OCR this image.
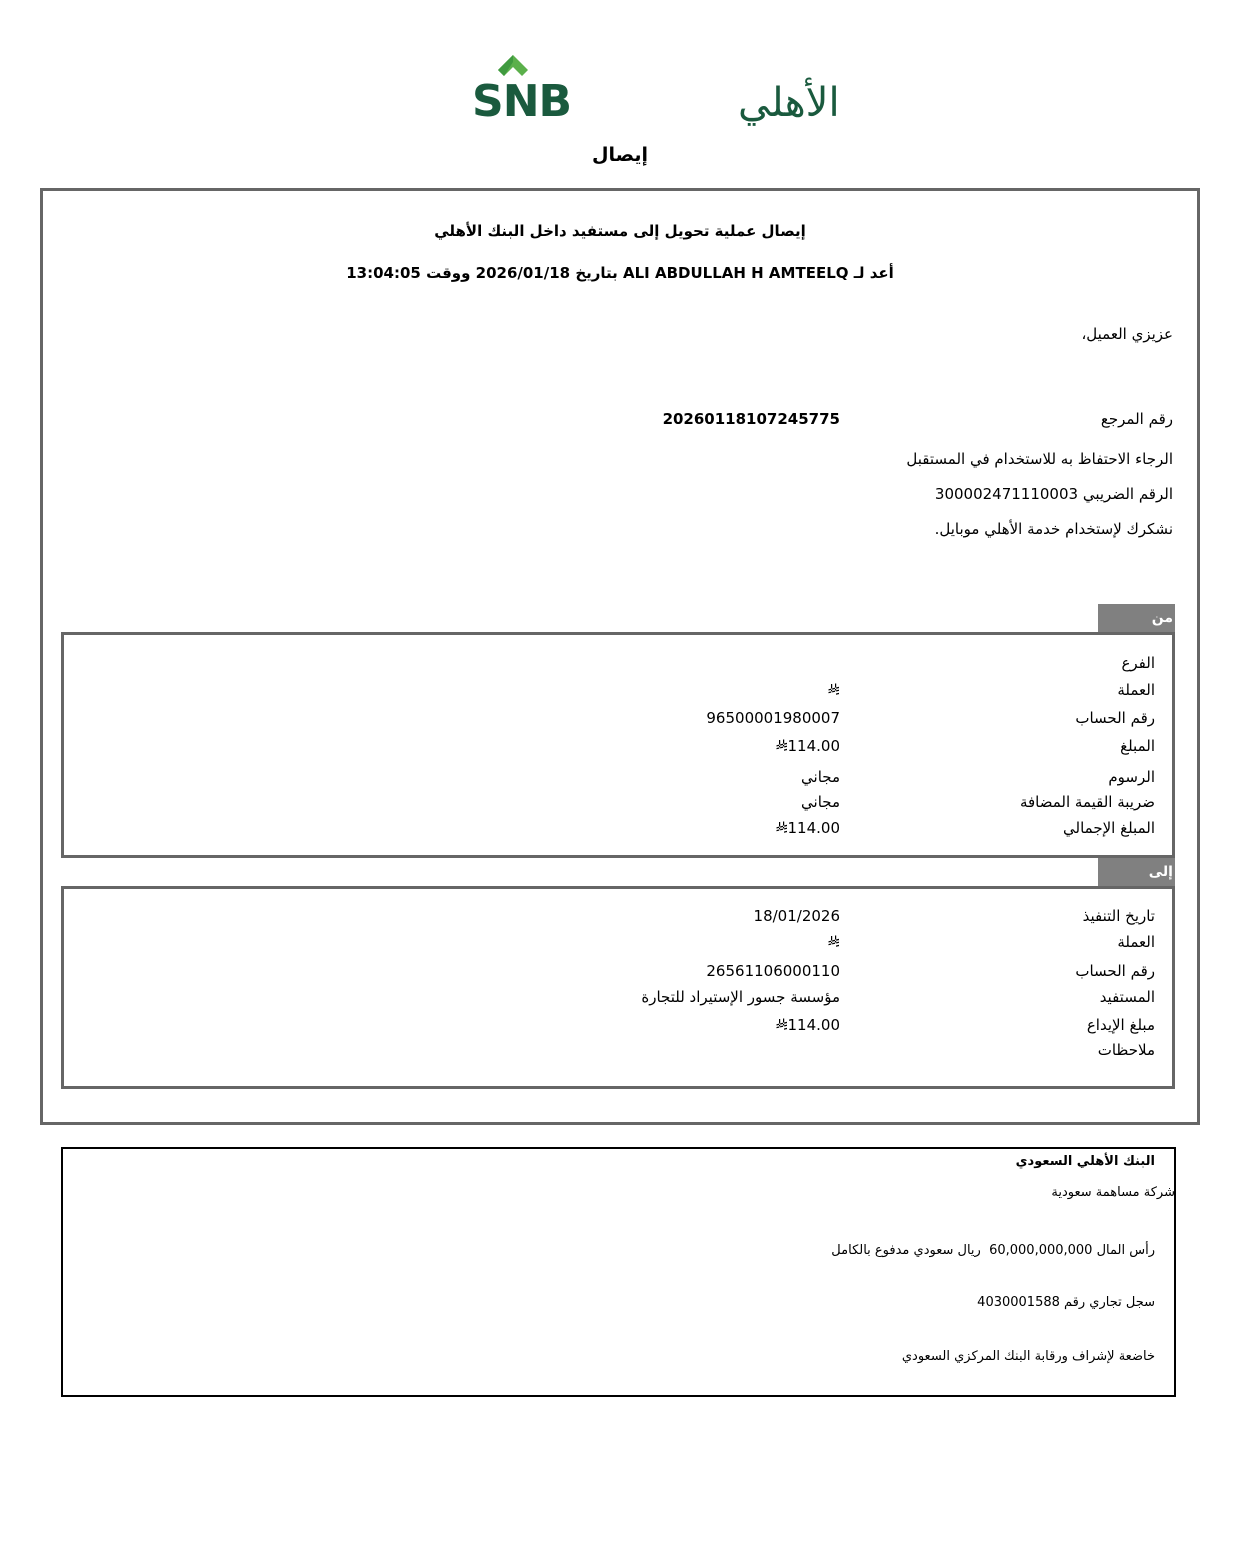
SNB	الأهلي
إيصال
إيصال عملية تحويل إلى مستفيد داخل البنك الأهلي
أعد لـ ALI ABDULLAH H AMTEELQ بتاريخ 2026/01/18 ووقت 13:04:05
عزيزي العميل،
رقم المرجع
20260118107245775
الرجاء الاحتفاظ به للاستخدام في المستقبل
الرقم الضريبي 300002471110003
نشكرك لإستخدام خدمة الأهلي موبايل.
من
الفرع
العملة
رقم الحساب
96500001980007
المبلغ
114.00
الرسوم
مجاني
ضريبة القيمة المضافة
مجاني
المبلغ الإجمالي
114.00
إلى
تاريخ التنفيذ
18/01/2026
العملة
رقم الحساب
26561106000110
المستفيد
مؤسسة جسور الإستيراد للتجارة
مبلغ الإيداع
114.00
ملاحظات
البنك الأهلي السعودي
شركة مساهمة سعودية
رأس المال 60,000,000,000  ريال سعودي مدفوع بالكامل
سجل تجاري رقم 4030001588
خاضعة لإشراف ورقابة البنك المركزي السعودي
